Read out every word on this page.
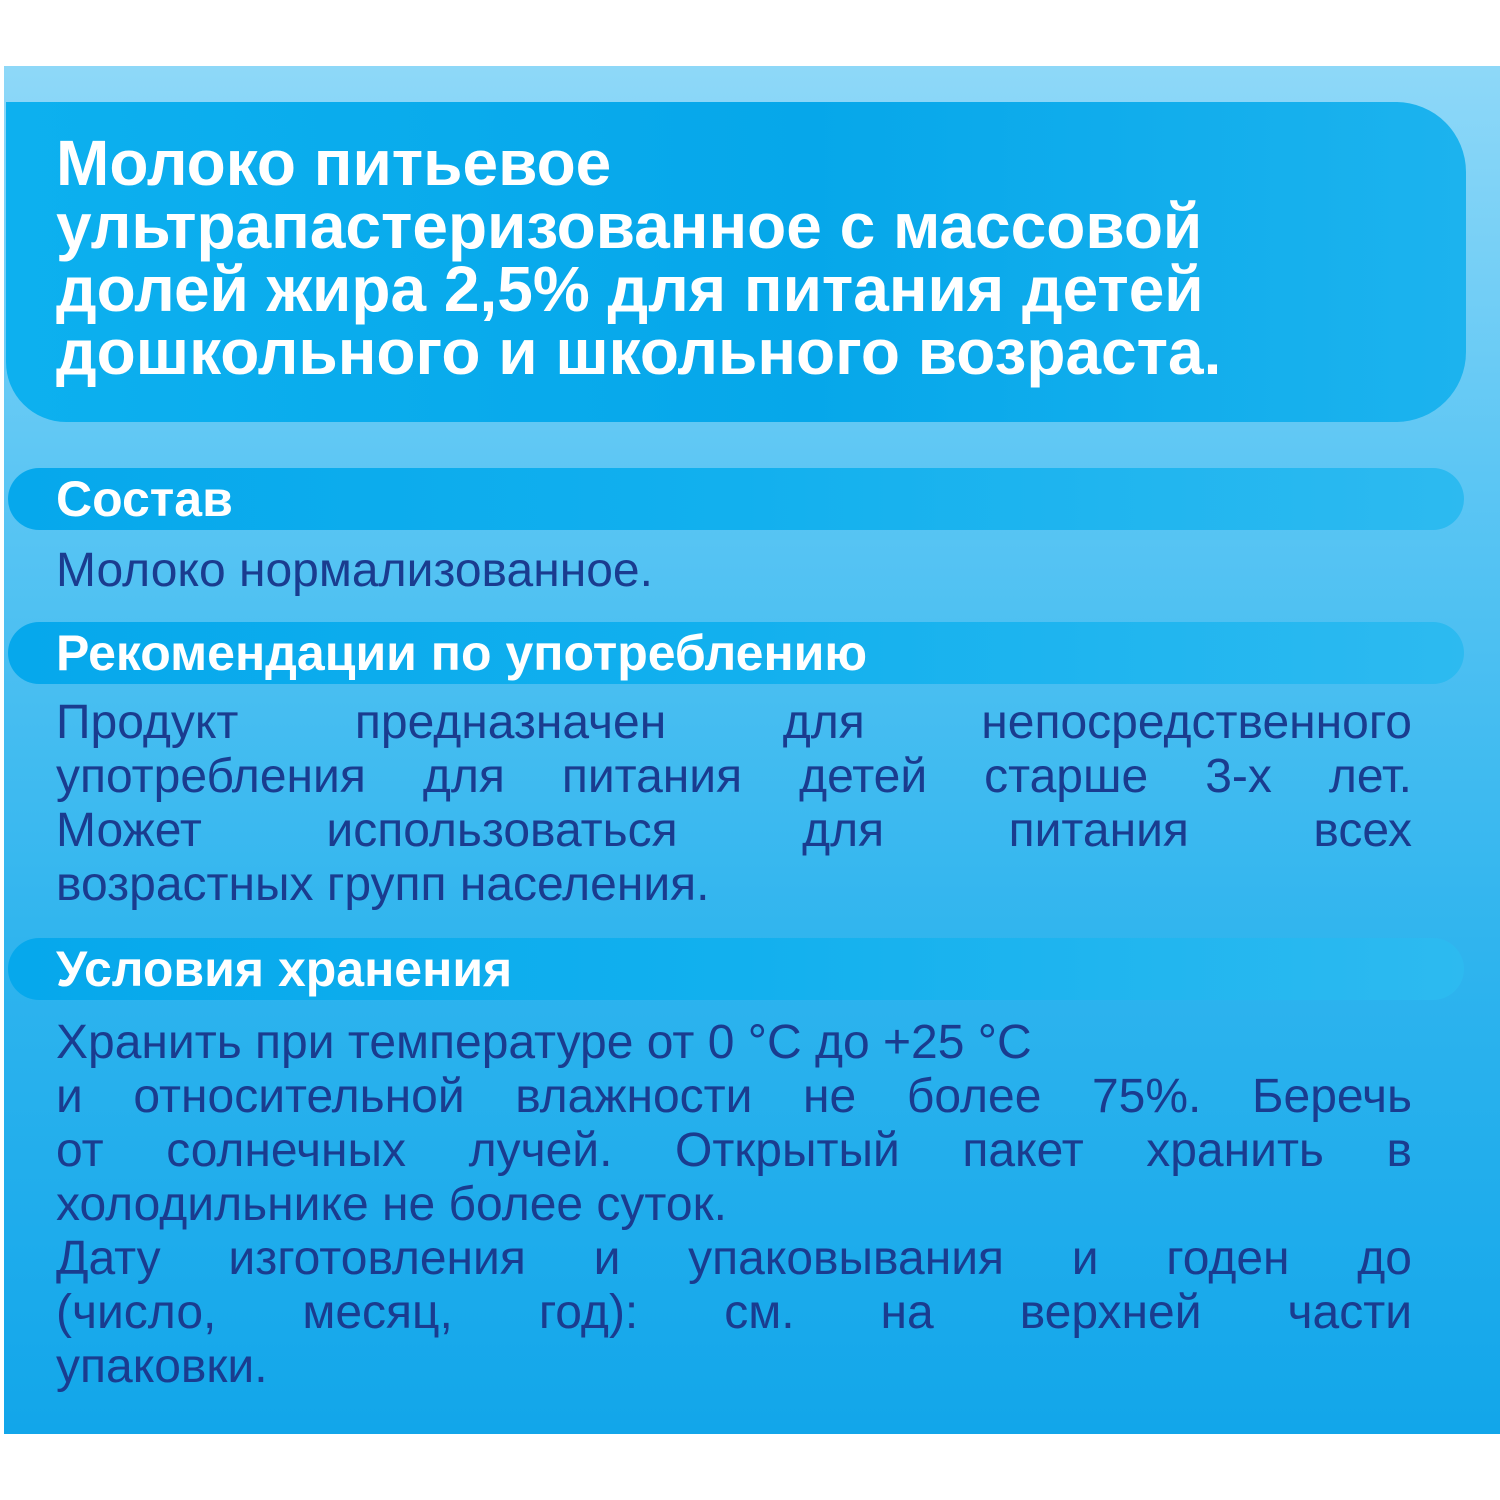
Молоко питьевое
ультрапастеризованное с массовой
долей жира 2,5% для питания детей
дошкольного и школьного возраста.
Состав

Молоко нормализованное.

Рекомендации по употреблению

Продукт предназначен для непосредственного
употребления для питания детей старше 3-х лет.
Может использоваться для питания всех
возрастных групп населения.

Условия хранения

Хранить при температуре от 0 °С до +25 °С
и относительной влажности не более 75%. Беречь
от солнечных лучей. Открытый пакет хранить в
холодильнике не более суток.
Дату изготовления и упаковывания и годен до
(число, месяц, год): см. на верхней части
упаковки.
